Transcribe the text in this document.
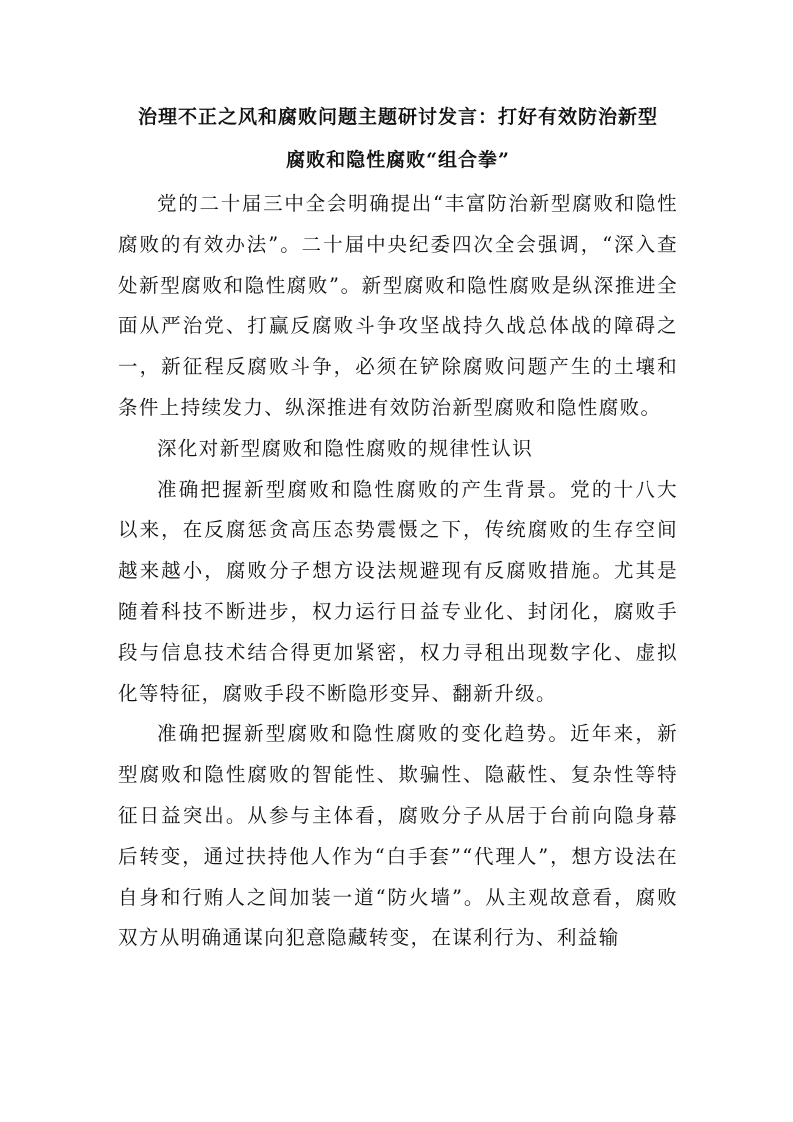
治理不正之风和腐败问题主题研讨发言：打好有效防治新型
腐败和隐性腐败“组合拳”

党的二十届三中全会明确提出“丰富防治新型腐败和隐性腐败的有效办法”。二十届中央纪委四次全会强调，“深入查处新型腐败和隐性腐败”。新型腐败和隐性腐败是纵深推进全面从严治党、打赢反腐败斗争攻坚战持久战总体战的障碍之一，新征程反腐败斗争，必须在铲除腐败问题产生的土壤和条件上持续发力、纵深推进有效防治新型腐败和隐性腐败。

深化对新型腐败和隐性腐败的规律性认识

准确把握新型腐败和隐性腐败的产生背景。党的十八大以来，在反腐惩贪高压态势震慑之下，传统腐败的生存空间越来越小，腐败分子想方设法规避现有反腐败措施。尤其是随着科技不断进步，权力运行日益专业化、封闭化，腐败手段与信息技术结合得更加紧密，权力寻租出现数字化、虚拟化等特征，腐败手段不断隐形变异、翻新升级。

准确把握新型腐败和隐性腐败的变化趋势。近年来，新型腐败和隐性腐败的智能性、欺骗性、隐蔽性、复杂性等特征日益突出。从参与主体看，腐败分子从居于台前向隐身幕后转变，通过扶持他人作为“白手套”“代理人”，想方设法在自身和行贿人之间加装一道“防火墙”。从主观故意看，腐败双方从明确通谋向犯意隐藏转变，在谋利行为、利益输
